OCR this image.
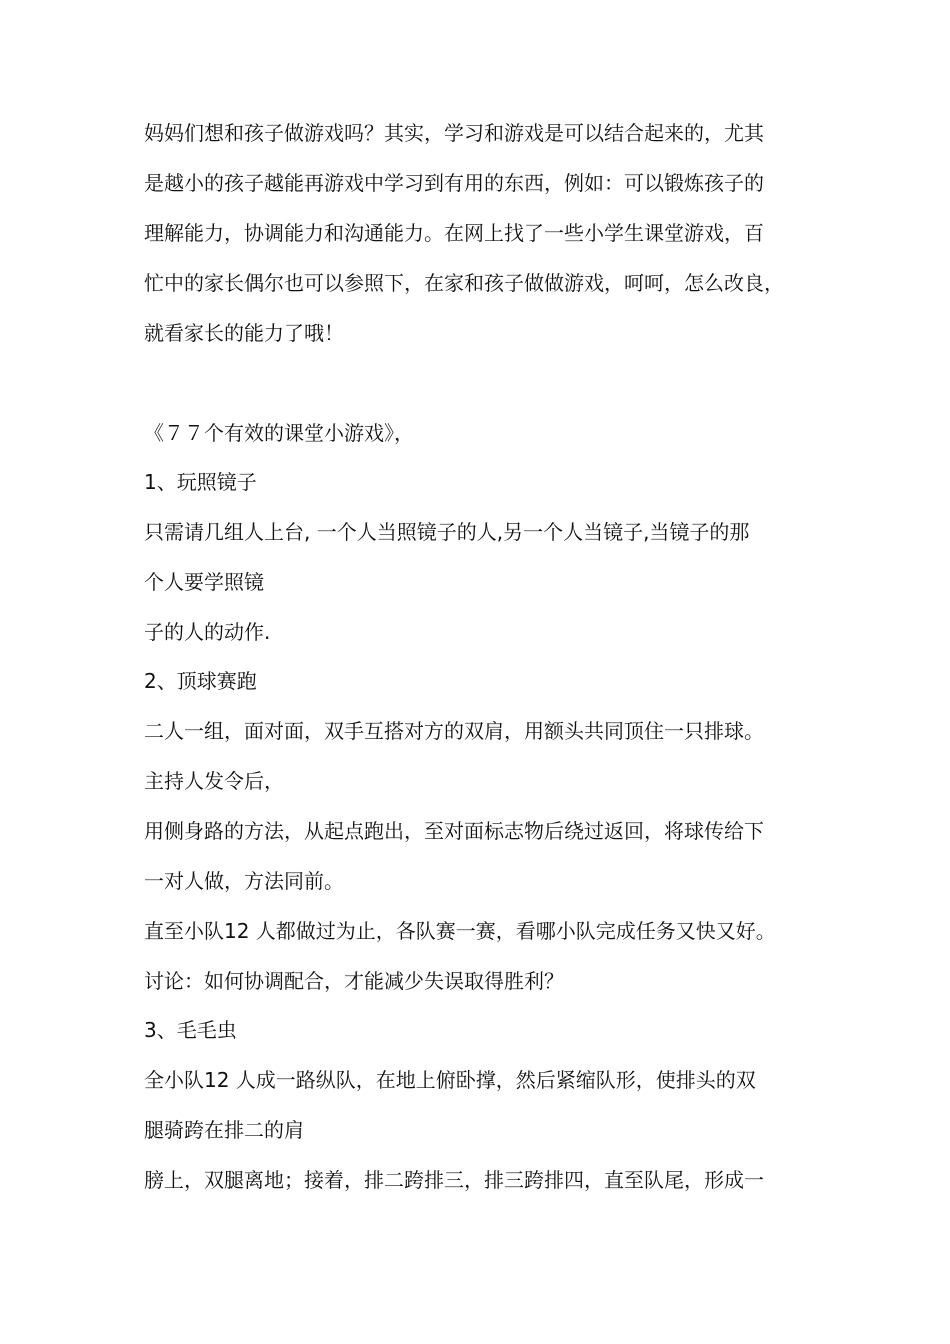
妈妈们想和孩子做游戏吗？其实，学习和游戏是可以结合起来的，尤其
是越小的孩子越能再游戏中学习到有用的东西，例如：可以锻炼孩子的
理解能力，协调能力和沟通能力。在网上找了一些小学生课堂游戏，百
忙中的家长偶尔也可以参照下，在家和孩子做做游戏，呵呵，怎么改良，
就看家长的能力了哦！
《７７个有效的课堂小游戏》，
1、玩照镜子
只需请几组人上台, 一个人当照镜子的人,另一个人当镜子,当镜子的那
个人要学照镜
子的人的动作.
2、顶球赛跑
二人一组，面对面，双手互搭对方的双肩，用额头共同顶住一只排球。
主持人发令后，
用侧身路的方法，从起点跑出，至对面标志物后绕过返回，将球传给下
一对人做，方法同前。
直至小队12 人都做过为止，各队赛一赛，看哪小队完成任务又快又好。
讨论：如何协调配合，才能减少失误取得胜利？
3、毛毛虫
全小队12 人成一路纵队，在地上俯卧撑，然后紧缩队形，使排头的双
腿骑跨在排二的肩
膀上，双腿离地；接着，排二跨排三，排三跨排四，直至队尾，形成一
